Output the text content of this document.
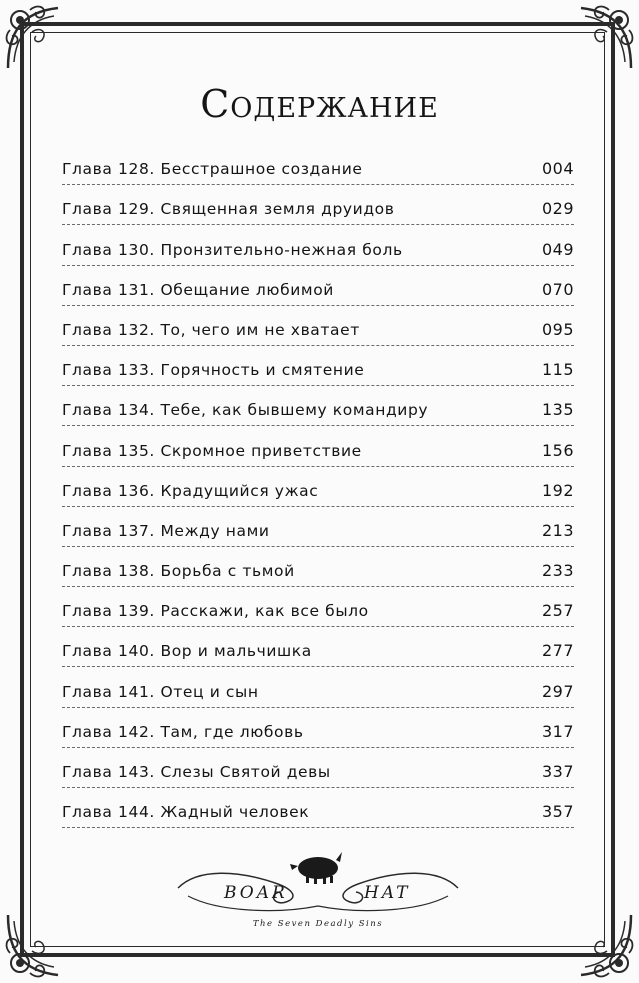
Содержание
Глава 128. Бесстрашное создание	004
Глава 129. Священная земля друидов	029
Глава 130. Пронзительно-нежная боль	049
Глава 131. Обещание любимой	070
Глава 132. То, чего им не хватает	095
Глава 133. Горячность и смятение	115
Глава 134. Тебе, как бывшему командиру	135
Глава 135. Скромное приветствие	156
Глава 136. Крадущийся ужас	192
Глава 137. Между нами	213
Глава 138. Борьба с тьмой	233
Глава 139. Расскажи, как все было	257
Глава 140. Вор и мальчишка	277
Глава 141. Отец и сын	297
Глава 142. Там, где любовь	317
Глава 143. Слезы Святой девы	337
Глава 144. Жадный человек	357
BOAR	HAT
The Seven Deadly Sins
